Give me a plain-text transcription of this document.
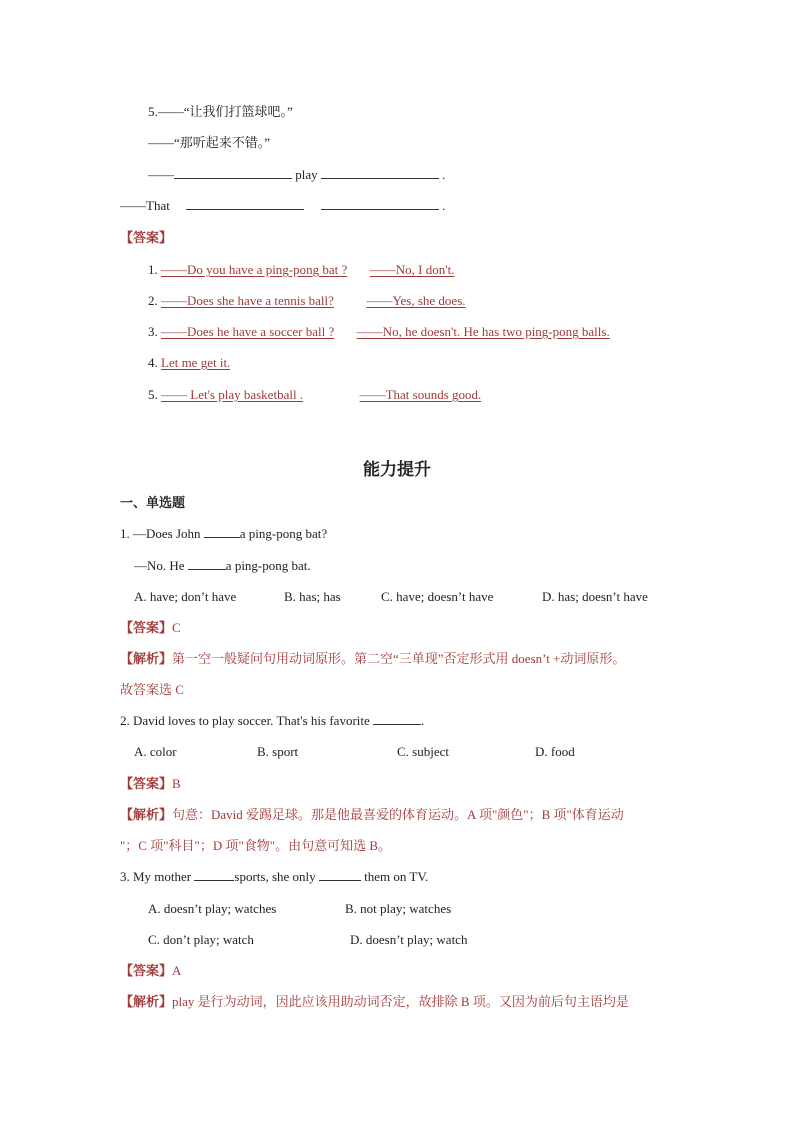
5.——“让我们打篮球吧。”
——“那听起来不错。”
——	play	.
——That	.
【答案】
1. ——Do you have a ping-pong bat ? ——No, I don't.
2. ——Does she have a tennis ball?	——Yes, she does.
3. ——Does he have a soccer ball ? ——No, he doesn't. He has two ping-pong balls.
4. Let me get it.
5. —— Let's play basketball .	——That sounds good.
能力提升
一、单选题
1. —Does John	a ping-pong bat?
—No. He	a ping-pong bat.
A. have; don’t have	B. has; has	C. have; doesn’t have	D. has; doesn’t have
【答案】C
【解析】第一空一般疑问句用动词原形。第二空“三单现”否定形式用 doesn’t +动词原形。
故答案选 C
2. David loves to play soccer. That's his favorite	.
A. color	B. sport	C. subject	D. food
【答案】B
【解析】句意：David 爱踢足球。那是他最喜爱的体育运动。A 项"颜色"；B 项"体育运动
"；C 项"科目"；D 项"食物"。由句意可知选 B。
3. My mother	sports, she only	them on TV.
A. doesn’t play; watches	B. not play; watches
C. don’t play; watch	D. doesn’t play; watch
【答案】A
【解析】play 是行为动词，因此应该用助动词否定，故排除 B 项。又因为前后句主语均是
